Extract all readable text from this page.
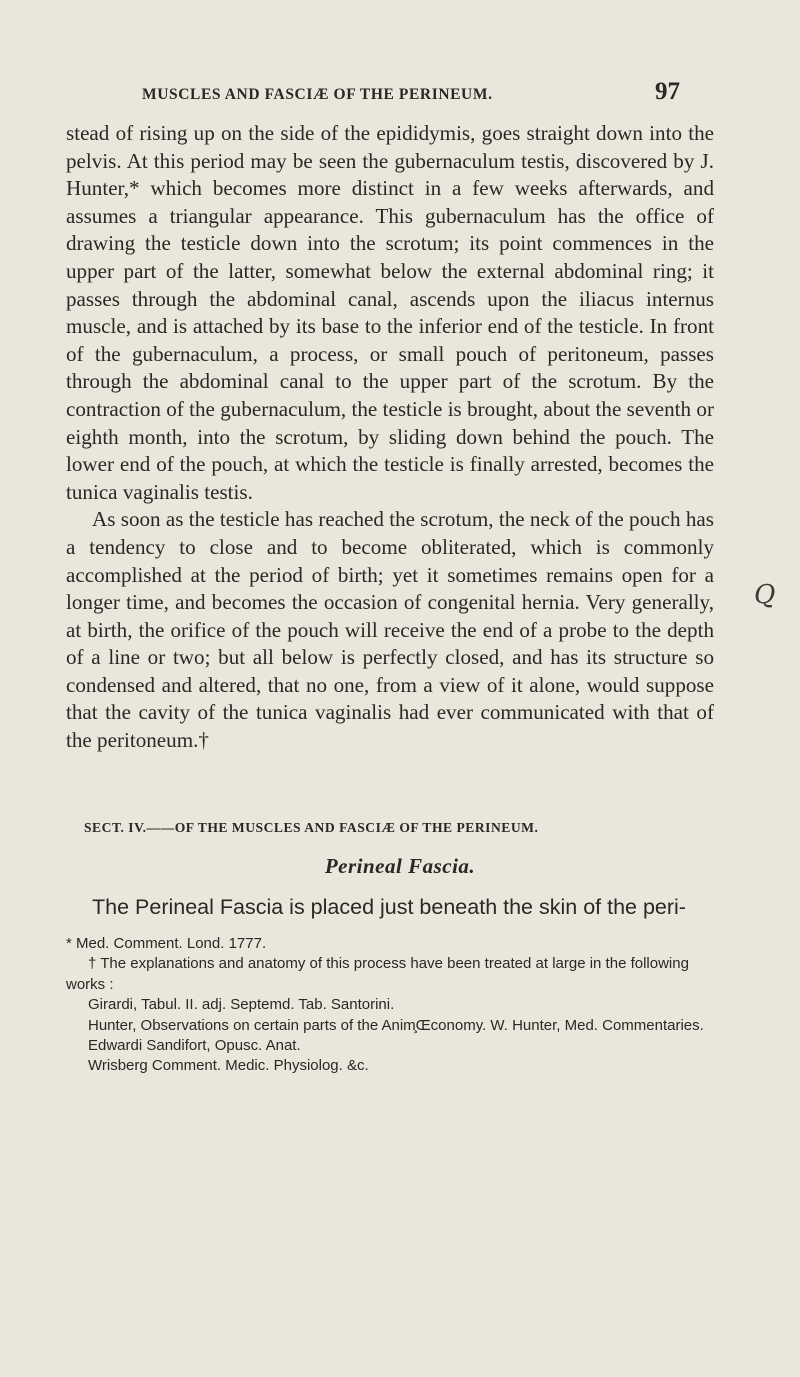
MUSCLES AND FASCIÆ OF THE PERINEUM.	97

stead of rising up on the side of the epididymis, goes straight down into the pelvis. At this period may be seen the gubernaculum testis, discovered by J. Hunter,* which becomes more distinct in a few weeks afterwards, and assumes a triangular appearance. This gubernaculum has the office of drawing the testicle down into the scrotum; its point commences in the upper part of the latter, somewhat below the external abdominal ring; it passes through the abdominal canal, ascends upon the iliacus internus muscle, and is attached by its base to the inferior end of the testicle. In front of the gubernaculum, a process, or small pouch of peritoneum, passes through the abdominal canal to the upper part of the scrotum. By the contraction of the gubernaculum, the testicle is brought, about the seventh or eighth month, into the scrotum, by sliding down behind the pouch. The lower end of the pouch, at which the testicle is finally arrested, becomes the tunica vaginalis testis.

As soon as the testicle has reached the scrotum, the neck of the pouch has a tendency to close and to become obliterated, which is commonly accomplished at the period of birth; yet it sometimes remains open for a longer time, and becomes the occasion of congenital hernia. Very generally, at birth, the orifice of the pouch will receive the end of a probe to the depth of a line or two; but all below is perfectly closed, and has its structure so condensed and altered, that no one, from a view of it alone, would suppose that the cavity of the tunica vaginalis had ever communicated with that of the peritoneum.†

Q
SECT. IV.——OF THE MUSCLES AND FASCIÆ OF THE PERINEUM.
Perineal Fascia.
The Perineal Fascia is placed just beneath the skin of the peri-

* Med. Comment. Lond. 1777.

† The explanations and anatomy of this process have been treated at large in the following works :

Girardi, Tabul. II. adj. Septemd. Tab. Santorini.

Hunter, Observations on certain parts of the Anim̧Œconomy. W. Hunter, Med. Commentaries.

Edwardi Sandifort, Opusc. Anat.

Wrisberg Comment. Medic. Physiolog. &c.
